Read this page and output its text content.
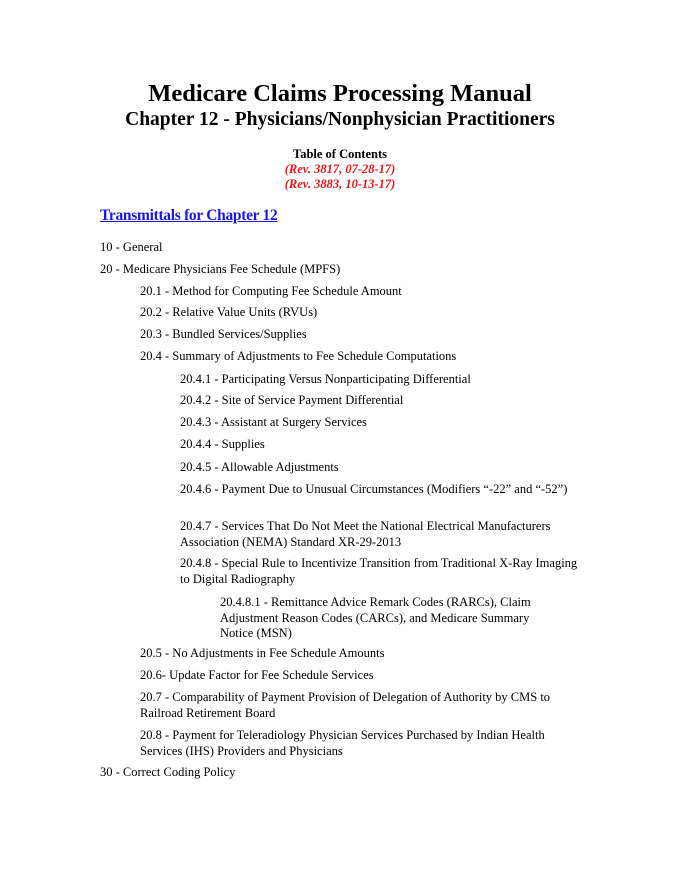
Medicare Claims Processing Manual
Chapter 12 - Physicians/Nonphysician Practitioners
Table of Contents
(Rev. 3817, 07-28-17)
(Rev. 3883, 10-13-17)
Transmittals for Chapter 12
10 - General
20 - Medicare Physicians Fee Schedule (MPFS)
20.1 - Method for Computing Fee Schedule Amount
20.2 - Relative Value Units (RVUs)
20.3 - Bundled Services/Supplies
20.4 - Summary of Adjustments to Fee Schedule Computations
20.4.1 - Participating Versus Nonparticipating Differential
20.4.2 - Site of Service Payment Differential
20.4.3 - Assistant at Surgery Services
20.4.4 - Supplies
20.4.5 - Allowable Adjustments
20.4.6 - Payment Due to Unusual Circumstances (Modifiers “-22” and “-52”)
20.4.7 - Services That Do Not Meet the National Electrical Manufacturers Association (NEMA) Standard XR-29-2013
20.4.8 - Special Rule to Incentivize Transition from Traditional X-Ray Imaging to Digital Radiography
20.4.8.1 - Remittance Advice Remark Codes (RARCs), Claim Adjustment Reason Codes (CARCs), and Medicare Summary Notice (MSN)
20.5 - No Adjustments in Fee Schedule Amounts
20.6- Update Factor for Fee Schedule Services
20.7 - Comparability of Payment Provision of Delegation of Authority by CMS to Railroad Retirement Board
20.8 - Payment for Teleradiology Physician Services Purchased by Indian Health Services (IHS) Providers and Physicians
30 - Correct Coding Policy
